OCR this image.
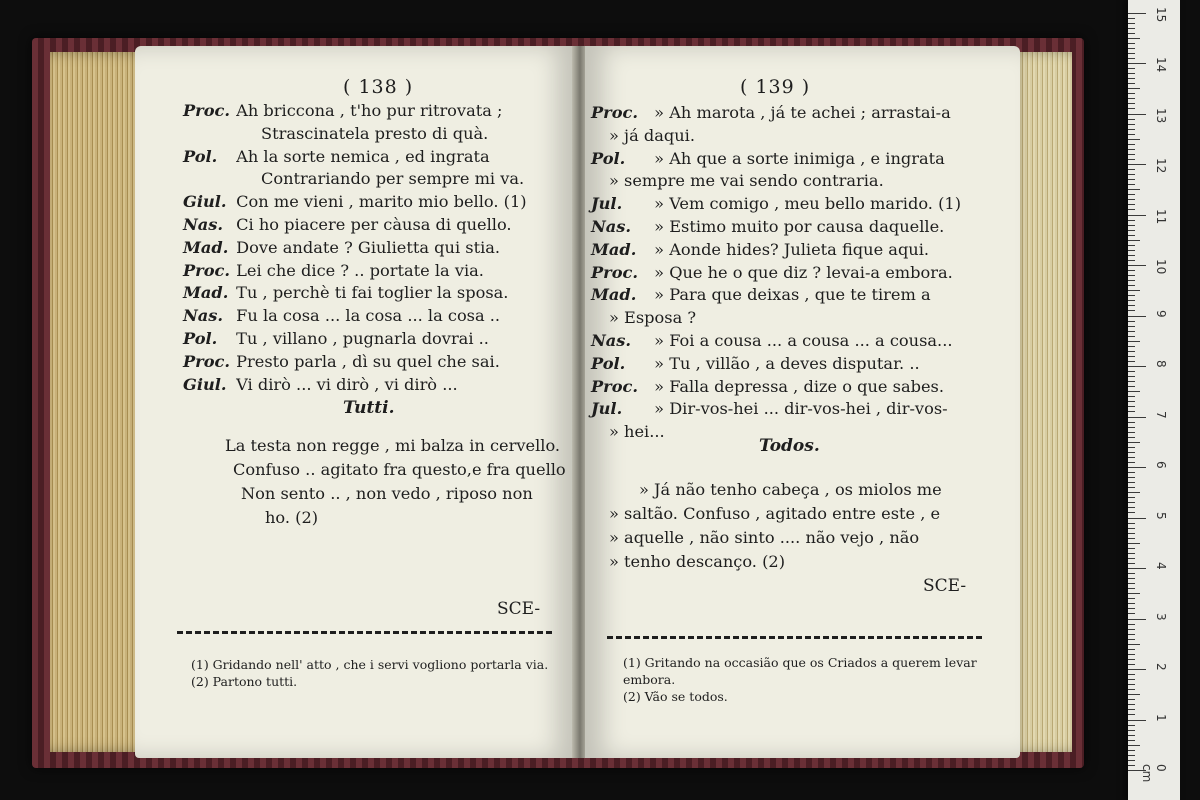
( 138 )
Proc. Ah briccona , t'ho pur ritrovata ;
Strascinatela presto di quà.
Pol. Ah la sorte nemica , ed ingrata
Contrariando per sempre mi va.
Giul. Con me vieni , marito mio bello. (1)
Nas. Ci ho piacere per càusa di quello.
Mad. Dove andate ? Giulietta qui stia.
Proc. Lei che dice ? .. portate la via.
Mad. Tu , perchè ti fai toglier la sposa.
Nas. Fu la cosa ... la cosa ... la cosa ..
Pol. Tu , villano , pugnarla dovrai ..
Proc. Presto parla , dì su quel che sai.
Giul. Vi dirò ... vi dirò , vi dirò ...
Tutti.
La testa non regge , mi balza in cervello.
Confuso .. agitato fra questo,e fra quello
Non sento .. , non vedo , riposo non
ho. (2)
SCE-
(1) Gridando nell' atto , che i servi vogliono portarla via.
(2) Partono tutti.
( 139 )
Proc. » Ah marota , já te achei ; arrastai-a
» já daqui.
Pol. » Ah que a sorte inimiga , e ingrata
» sempre me vai sendo contraria.
Jul. » Vem comigo , meu bello marido. (1)
Nas. » Estimo muito por causa daquelle.
Mad. » Aonde hides? Julieta fique aqui.
Proc. » Que he o que diz ? levai-a embora.
Mad. » Para que deixas , que te tirem a
» Esposa ?
Nas. » Foi a cousa ... a cousa ... a cousa...
Pol. » Tu , villão , a deves disputar. ..
Proc. » Falla depressa , dize o que sabes.
Jul. » Dir-vos-hei ... dir-vos-hei , dir-vos-
» hei...
Todos.
» Já não tenho cabeça , os miolos me
» saltão. Confuso , agitado entre este , e
» aquelle , não sinto .... não vejo , não
» tenho descanço. (2)
SCE-
(1) Gritando na occasião que os Criados a querem levar embora.
(2) Vão se todos.
0 cm
1
2
3
4
5
6
7
8
9
10
11
12
13
14
15
